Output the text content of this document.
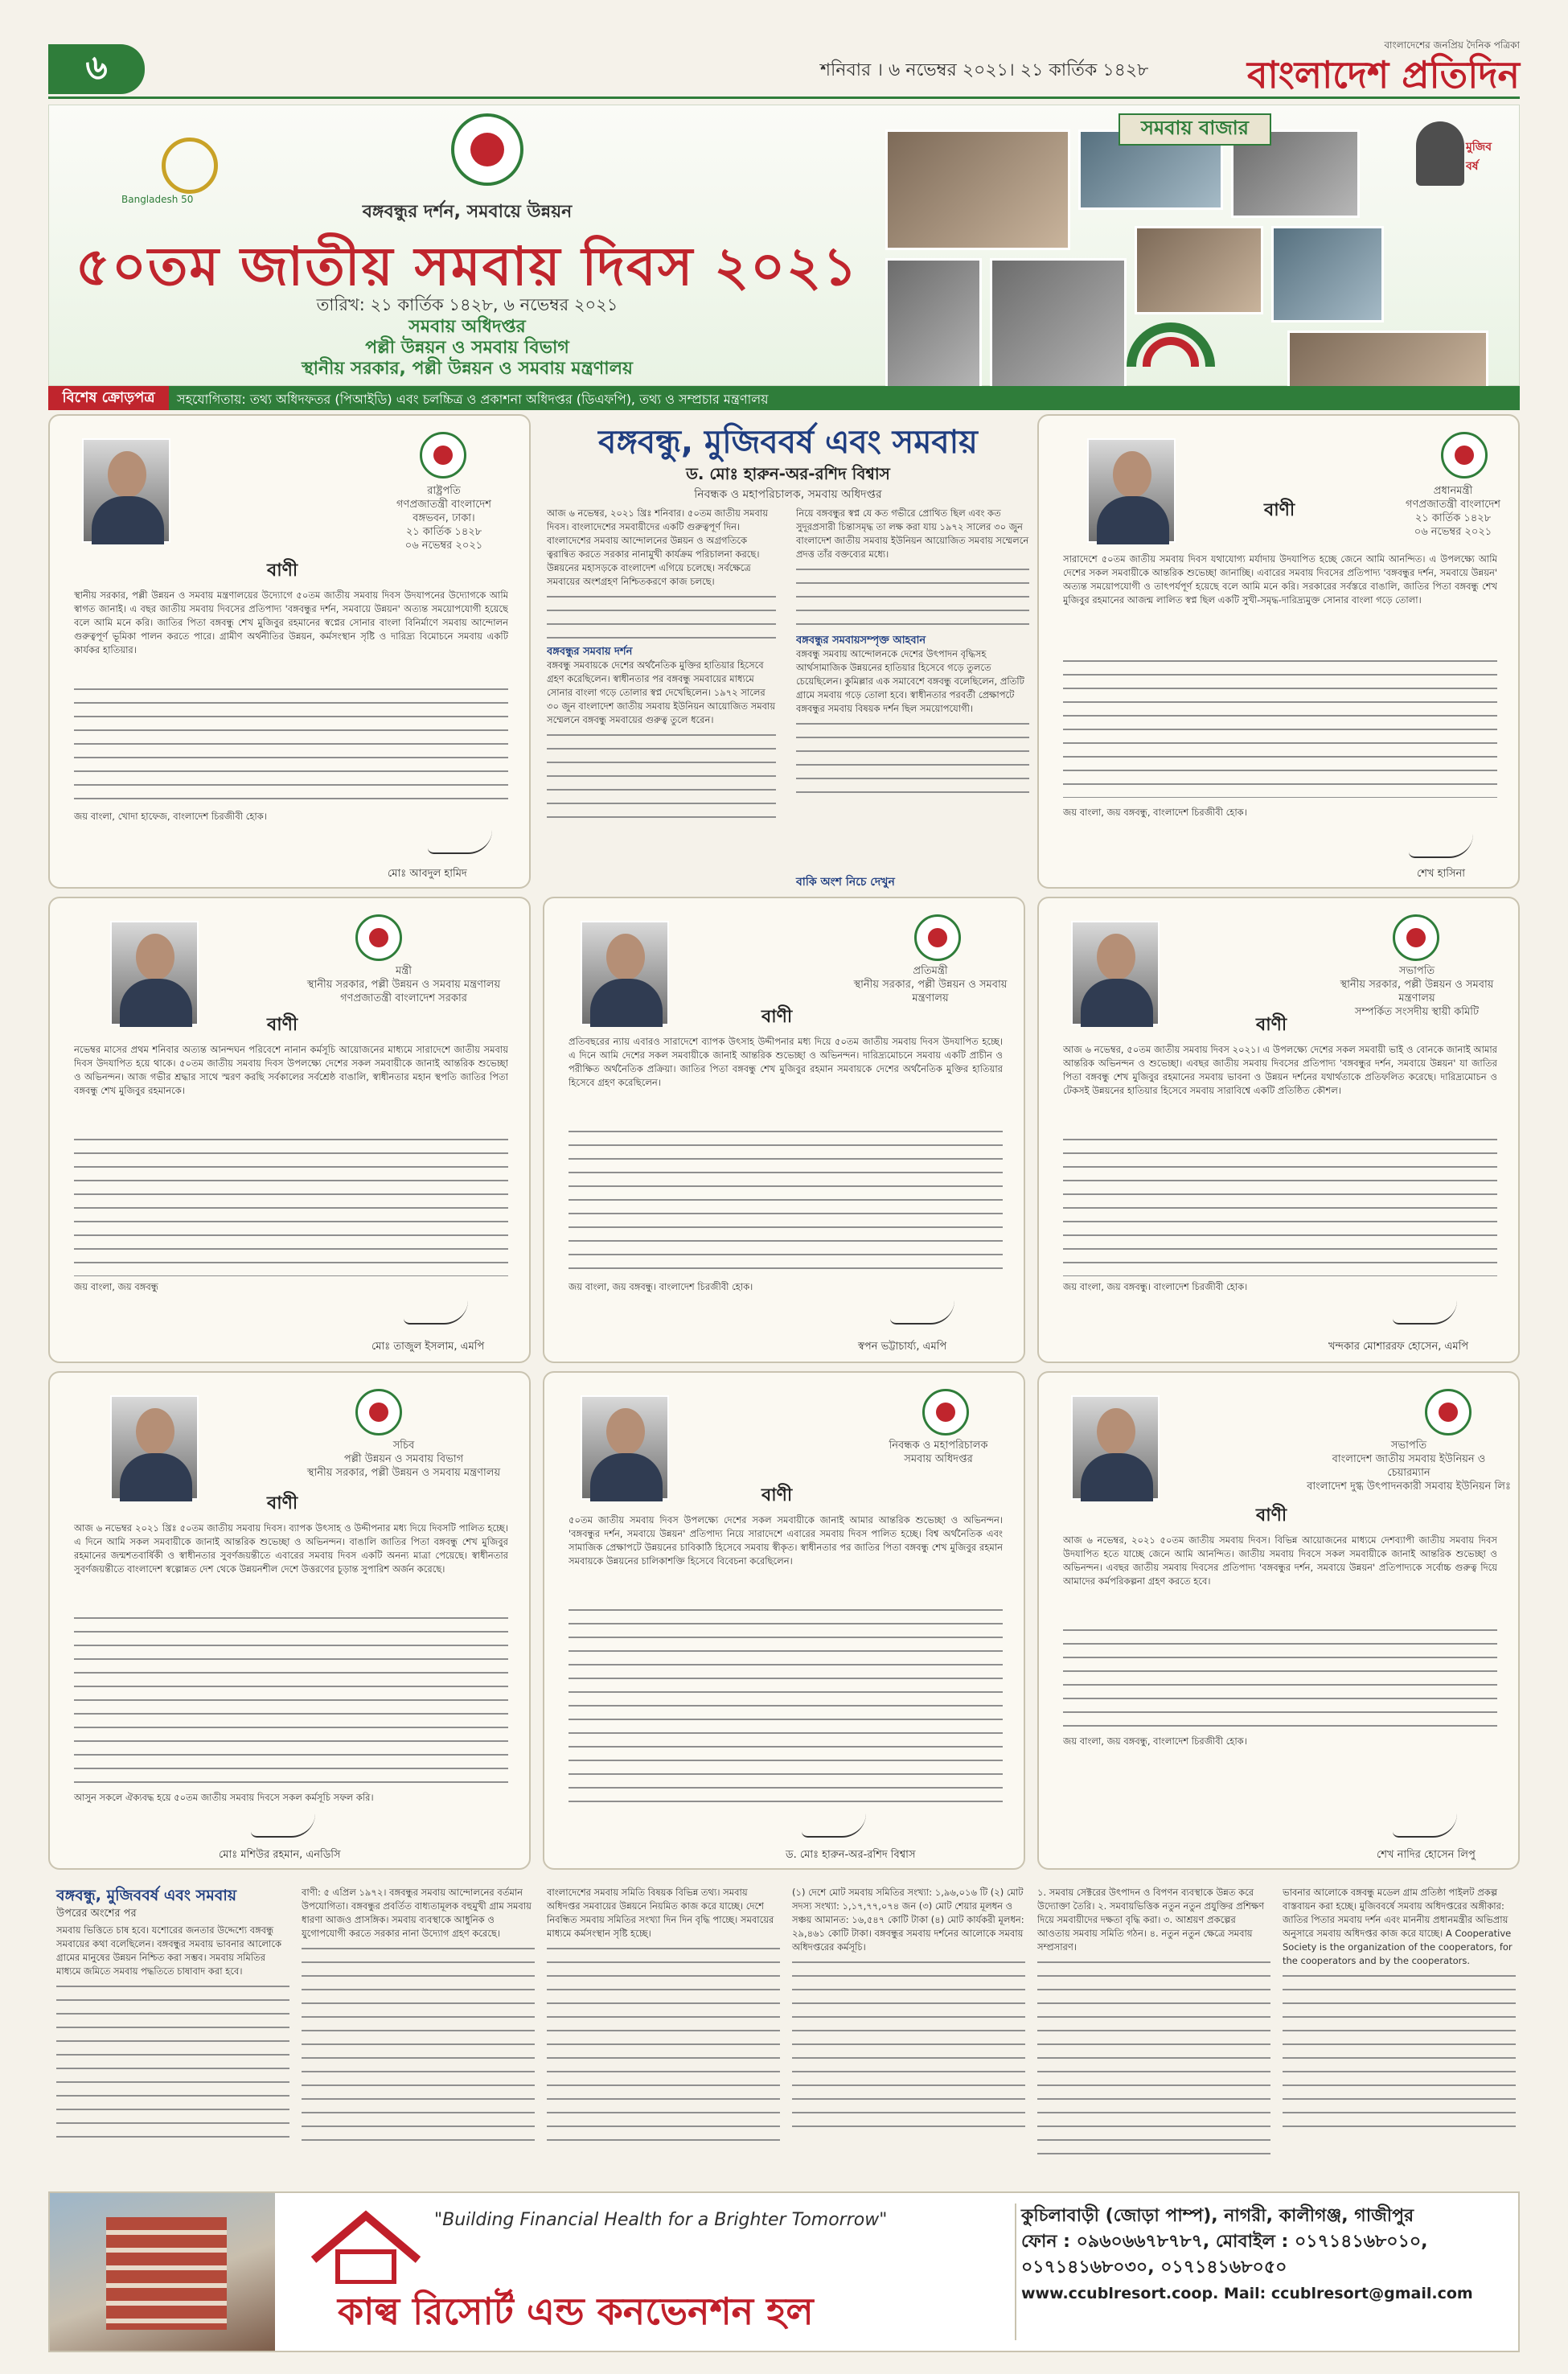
৬	শনিবার । ৬ নভেম্বর ২০২১। ২১ কার্তিক ১৪২৮
বাংলাদেশের জনপ্রিয় দৈনিক পত্রিকা
বাংলাদেশ প্রতিদিন
Bangladesh 50
বঙ্গবন্ধুর দর্শন, সমবায়ে উন্নয়ন
৫০তম জাতীয় সমবায় দিবস ২০২১
তারিখ: ২১ কার্তিক ১৪২৮, ৬ নভেম্বর ২০২১
সমবায় অধিদপ্তর
পল্লী উন্নয়ন ও সমবায় বিভাগ
স্থানীয় সরকার, পল্লী উন্নয়ন ও সমবায় মন্ত্রণালয়
সমবায় বাজার
মুজিব বর্ষ
বিশেষ ক্রোড়পত্র	সহযোগিতায়: তথ্য অধিদফতর (পিআইডি) এবং চলচ্চিত্র ও প্রকাশনা অধিদপ্তর (ডিএফপি), তথ্য ও সম্প্রচার মন্ত্রণালয়
রাষ্ট্রপতি
গণপ্রজাতন্ত্রী বাংলাদেশ
বঙ্গভবন, ঢাকা।
২১ কার্তিক ১৪২৮
০৬ নভেম্বর ২০২১
বাণী
স্থানীয় সরকার, পল্লী উন্নয়ন ও সমবায় মন্ত্রণালয়ের উদ্যোগে ৫০তম জাতীয় সমবায় দিবস উদযাপনের উদ্যোগকে আমি স্বাগত জানাই। এ বছর জাতীয় সমবায় দিবসের প্রতিপাদ্য 'বঙ্গবন্ধুর দর্শন, সমবায়ে উন্নয়ন' অত্যন্ত সময়োপযোগী হয়েছে বলে আমি মনে করি। জাতির পিতা বঙ্গবন্ধু শেখ মুজিবুর রহমানের স্বপ্নের সোনার বাংলা বিনির্মাণে সমবায় আন্দোলন গুরুত্বপূর্ণ ভূমিকা পালন করতে পারে। গ্রামীণ অর্থনীতির উন্নয়ন, কর্মসংস্থান সৃষ্টি ও দারিদ্র্য বিমোচনে সমবায় একটি কার্যকর হাতিয়ার।
জয় বাংলা, খোদা হাফেজ, বাংলাদেশ চিরজীবী হোক।
মোঃ আবদুল হামিদ
বঙ্গবন্ধু, মুজিববর্ষ এবং সমবায়
ড. মোঃ হারুন-অর-রশিদ বিশ্বাস
নিবন্ধক ও মহাপরিচালক, সমবায় অধিদপ্তর
আজ ৬ নভেম্বর, ২০২১ খ্রিঃ শনিবার। ৫০তম জাতীয় সমবায় দিবস। বাংলাদেশের সমবায়ীদের একটি গুরুত্বপূর্ণ দিন। বাংলাদেশের সমবায় আন্দোলনের উন্নয়ন ও অগ্রগতিকে ত্বরান্বিত করতে সরকার নানামুখী কার্যক্রম পরিচালনা করছে। উন্নয়নের মহাসড়কে বাংলাদেশ এগিয়ে চলেছে। সর্বক্ষেত্রে সমবায়ের অংশগ্রহণ নিশ্চিতকরণে কাজ চলছে।
বঙ্গবন্ধুর সমবায় দর্শন
বঙ্গবন্ধু সমবায়কে দেশের অর্থনৈতিক মুক্তির হাতিয়ার হিসেবে গ্রহণ করেছিলেন। স্বাধীনতার পর বঙ্গবন্ধু সমবায়ের মাধ্যমে সোনার বাংলা গড়ে তোলার স্বপ্ন দেখেছিলেন। ১৯৭২ সালের ৩০ জুন বাংলাদেশ জাতীয় সমবায় ইউনিয়ন আয়োজিত সমবায় সম্মেলনে বঙ্গবন্ধু সমবায়ের গুরুত্ব তুলে ধরেন।
নিয়ে বঙ্গবন্ধুর স্বপ্ন যে কত গভীরে প্রোথিত ছিল এবং কত সুদূরপ্রসারী চিন্তাসমৃদ্ধ তা লক্ষ করা যায় ১৯৭২ সালের ৩০ জুন বাংলাদেশ জাতীয় সমবায় ইউনিয়ন আয়োজিত সমবায় সম্মেলনে প্রদত্ত তাঁর বক্তব্যের মধ্যে।
বঙ্গবন্ধুর সমবায়সম্পৃক্ত আহবান
বঙ্গবন্ধু সমবায় আন্দোলনকে দেশের উৎপাদন বৃদ্ধিসহ আর্থসামাজিক উন্নয়নের হাতিয়ার হিসেবে গড়ে তুলতে চেয়েছিলেন। কুমিল্লার এক সমাবেশে বঙ্গবন্ধু বলেছিলেন, প্রতিটি গ্রামে সমবায় গড়ে তোলা হবে। স্বাধীনতার পরবর্তী প্রেক্ষাপটে বঙ্গবন্ধুর সমবায় বিষয়ক দর্শন ছিল সময়োপযোগী।
বাকি অংশ নিচে দেখুন
প্রধানমন্ত্রী
গণপ্রজাতন্ত্রী বাংলাদেশ
২১ কার্তিক ১৪২৮
০৬ নভেম্বর ২০২১
বাণী
সারাদেশে ৫০তম জাতীয় সমবায় দিবস যথাযোগ্য মর্যাদায় উদযাপিত হচ্ছে জেনে আমি আনন্দিত। এ উপলক্ষ্যে আমি দেশের সকল সমবায়ীকে আন্তরিক শুভেচ্ছা জানাচ্ছি। এবারের সমবায় দিবসের প্রতিপাদ্য 'বঙ্গবন্ধুর দর্শন, সমবায়ে উন্নয়ন' অত্যন্ত সময়োপযোগী ও তাৎপর্যপূর্ণ হয়েছে বলে আমি মনে করি। সরকারের সর্বস্তরে বাঙালি, জাতির পিতা বঙ্গবন্ধু শেখ মুজিবুর রহমানের আজন্ম লালিত স্বপ্ন ছিল একটি সুখী-সমৃদ্ধ-দারিদ্র্যমুক্ত সোনার বাংলা গড়ে তোলা।
জয় বাংলা, জয় বঙ্গবন্ধু, বাংলাদেশ চিরজীবী হোক।
শেখ হাসিনা
মন্ত্রী
স্থানীয় সরকার, পল্লী উন্নয়ন ও সমবায় মন্ত্রণালয়
গণপ্রজাতন্ত্রী বাংলাদেশ সরকার
বাণী
নভেম্বর মাসের প্রথম শনিবার অত্যন্ত আনন্দঘন পরিবেশে নানান কর্মসূচি আয়োজনের মাধ্যমে সারাদেশে জাতীয় সমবায় দিবস উদযাপিত হয়ে থাকে। ৫০তম জাতীয় সমবায় দিবস উপলক্ষ্যে দেশের সকল সমবায়ীকে জানাই আন্তরিক শুভেচ্ছা ও অভিনন্দন। আজ গভীর শ্রদ্ধার সাথে স্মরণ করছি সর্বকালের সর্বশ্রেষ্ঠ বাঙালি, স্বাধীনতার মহান স্থপতি জাতির পিতা বঙ্গবন্ধু শেখ মুজিবুর রহমানকে।
জয় বাংলা, জয় বঙ্গবন্ধু
মোঃ তাজুল ইসলাম, এমপি
প্রতিমন্ত্রী
স্থানীয় সরকার, পল্লী উন্নয়ন ও সমবায় মন্ত্রণালয়
বাণী
প্রতিবছরের ন্যায় এবারও সারাদেশে ব্যাপক উৎসাহ উদ্দীপনার মধ্য দিয়ে ৫০তম জাতীয় সমবায় দিবস উদযাপিত হচ্ছে। এ দিনে আমি দেশের সকল সমবায়ীকে জানাই আন্তরিক শুভেচ্ছা ও অভিনন্দন। দারিদ্র্যমোচনে সমবায় একটি প্রাচীন ও পরীক্ষিত অর্থনৈতিক প্রক্রিয়া। জাতির পিতা বঙ্গবন্ধু শেখ মুজিবুর রহমান সমবায়কে দেশের অর্থনৈতিক মুক্তির হাতিয়ার হিসেবে গ্রহণ করেছিলেন।
জয় বাংলা, জয় বঙ্গবন্ধু। বাংলাদেশ চিরজীবী হোক।
স্বপন ভট্টাচার্য্য, এমপি
সভাপতি
স্থানীয় সরকার, পল্লী উন্নয়ন ও সমবায় মন্ত্রণালয়
সম্পর্কিত সংসদীয় স্থায়ী কমিটি
বাণী
আজ ৬ নভেম্বর, ৫০তম জাতীয় সমবায় দিবস ২০২১। এ উপলক্ষ্যে দেশের সকল সমবায়ী ভাই ও বোনকে জানাই আমার আন্তরিক অভিনন্দন ও শুভেচ্ছা। এবছর জাতীয় সমবায় দিবসের প্রতিপাদ্য 'বঙ্গবন্ধুর দর্শন, সমবায়ে উন্নয়ন' যা জাতির পিতা বঙ্গবন্ধু শেখ মুজিবুর রহমানের সমবায় ভাবনা ও উন্নয়ন দর্শনের যথার্থতাকে প্রতিফলিত করেছে। দারিদ্র্যমোচন ও টেকসই উন্নয়নের হাতিয়ার হিসেবে সমবায় সারাবিশ্বে একটি প্রতিষ্ঠিত কৌশল।
জয় বাংলা, জয় বঙ্গবন্ধু। বাংলাদেশ চিরজীবী হোক।
খন্দকার মোশাররফ হোসেন, এমপি
সচিব
পল্লী উন্নয়ন ও সমবায় বিভাগ
স্থানীয় সরকার, পল্লী উন্নয়ন ও সমবায় মন্ত্রণালয়
বাণী
আজ ৬ নভেম্বর ২০২১ খ্রিঃ ৫০তম জাতীয় সমবায় দিবস। ব্যাপক উৎসাহ ও উদ্দীপনার মধ্য দিয়ে দিবসটি পালিত হচ্ছে। এ দিনে আমি সকল সমবায়ীকে জানাই আন্তরিক শুভেচ্ছা ও অভিনন্দন। বাঙালি জাতির পিতা বঙ্গবন্ধু শেখ মুজিবুর রহমানের জন্মশতবার্ষিকী ও স্বাধীনতার সুবর্ণজয়ন্তীতে এবারের সমবায় দিবস একটি অনন্য মাত্রা পেয়েছে। স্বাধীনতার সুবর্ণজয়ন্তীতে বাংলাদেশ স্বল্পোন্নত দেশ থেকে উন্নয়নশীল দেশে উত্তরণের চূড়ান্ত সুপারিশ অর্জন করেছে।
আসুন সকলে ঐক্যবদ্ধ হয়ে ৫০তম জাতীয় সমবায় দিবসে সকল কর্মসূচি সফল করি।
মোঃ মশিউর রহমান, এনডিসি
নিবন্ধক ও মহাপরিচালক
সমবায় অধিদপ্তর
বাণী
৫০তম জাতীয় সমবায় দিবস উপলক্ষ্যে দেশের সকল সমবায়ীকে জানাই আমার আন্তরিক শুভেচ্ছা ও অভিনন্দন। 'বঙ্গবন্ধুর দর্শন, সমবায়ে উন্নয়ন' প্রতিপাদ্য নিয়ে সারাদেশে এবারের সমবায় দিবস পালিত হচ্ছে। বিশ্ব অর্থনৈতিক এবং সামাজিক প্রেক্ষাপটে উন্নয়নের চাবিকাঠি হিসেবে সমবায় স্বীকৃত। স্বাধীনতার পর জাতির পিতা বঙ্গবন্ধু শেখ মুজিবুর রহমান সমবায়কে উন্নয়নের চালিকাশক্তি হিসেবে বিবেচনা করেছিলেন।
ড. মোঃ হারুন-অর-রশিদ বিশ্বাস
সভাপতি
বাংলাদেশ জাতীয় সমবায় ইউনিয়ন ও
চেয়ারম্যান
বাংলাদেশ দুগ্ধ উৎপাদনকারী সমবায় ইউনিয়ন লিঃ
বাণী
আজ ৬ নভেম্বর, ২০২১ ৫০তম জাতীয় সমবায় দিবস। বিভিন্ন আয়োজনের মাধ্যমে দেশব্যাপী জাতীয় সমবায় দিবস উদযাপিত হতে যাচ্ছে জেনে আমি আনন্দিত। জাতীয় সমবায় দিবসে সকল সমবায়ীকে জানাই আন্তরিক শুভেচ্ছা ও অভিনন্দন। এবছর জাতীয় সমবায় দিবসের প্রতিপাদ্য 'বঙ্গবন্ধুর দর্শন, সমবায়ে উন্নয়ন' প্রতিপাদ্যকে সর্বোচ্চ গুরুত্ব দিয়ে আমাদের কর্মপরিকল্পনা গ্রহণ করতে হবে।
জয় বাংলা, জয় বঙ্গবন্ধু, বাংলাদেশ চিরজীবী হোক।
শেখ নাদির হোসেন লিপু
বঙ্গবন্ধু, মুজিববর্ষ এবং সমবায়
উপরের অংশের পর
সমবায় ভিত্তিতে চাষ হবে। যশোরের জনতার উদ্দেশ্যে বঙ্গবন্ধু সমবায়ের কথা বলেছিলেন। বঙ্গবন্ধুর সমবায় ভাবনার আলোকে গ্রামের মানুষের উন্নয়ন নিশ্চিত করা সম্ভব। সমবায় সমিতির মাধ্যমে জমিতে সমবায় পদ্ধতিতে চাষাবাদ করা হবে।
বাণী: ৫ এপ্রিল ১৯৭২। বঙ্গবন্ধুর সমবায় আন্দোলনের বর্তমান উপযোগিতা। বঙ্গবন্ধুর প্রবর্তিত বাধ্যতামূলক বহুমুখী গ্রাম সমবায় ধারণা আজও প্রাসঙ্গিক। সমবায় ব্যবস্থাকে আধুনিক ও যুগোপযোগী করতে সরকার নানা উদ্যোগ গ্রহণ করেছে।
বাংলাদেশের সমবায় সমিতি বিষয়ক বিভিন্ন তথ্য। সমবায় অধিদপ্তর সমবায়ের উন্নয়নে নিয়মিত কাজ করে যাচ্ছে। দেশে নিবন্ধিত সমবায় সমিতির সংখ্যা দিন দিন বৃদ্ধি পাচ্ছে। সমবায়ের মাধ্যমে কর্মসংস্থান সৃষ্টি হচ্ছে।
(১) দেশে মোট সমবায় সমিতির সংখ্যা: ১,৯৬,০১৬ টি (২) মোট সদস্য সংখ্যা: ১,১৭,৭৭,০৭৪ জন (৩) মোট শেয়ার মূলধন ও সঞ্চয় আমানত: ১৬,৫৪৭ কোটি টাকা (৪) মোট কার্যকরী মূলধন: ২৯,৪৬১ কোটি টাকা। বঙ্গবন্ধুর সমবায় দর্শনের আলোকে সমবায় অধিদপ্তরের কর্মসূচি।
১. সমবায় সেক্টরের উৎপাদন ও বিপণন ব্যবস্থাকে উন্নত করে উদ্যোক্তা তৈরি। ২. সমবায়ভিত্তিক নতুন নতুন প্রযুক্তির প্রশিক্ষণ দিয়ে সমবায়ীদের দক্ষতা বৃদ্ধি করা। ৩. আশ্রয়ণ প্রকল্পের আওতায় সমবায় সমিতি গঠন। ৪. নতুন নতুন ক্ষেত্রে সমবায় সম্প্রসারণ।
ভাবনার আলোকে বঙ্গবন্ধু মডেল গ্রাম প্রতিষ্ঠা পাইলট প্রকল্প বাস্তবায়ন করা হচ্ছে। মুজিববর্ষে সমবায় অধিদপ্তরের অঙ্গীকার: জাতির পিতার সমবায় দর্শন এবং মাননীয় প্রধানমন্ত্রীর অভিপ্রায় অনুসারে সমবায় অধিদপ্তর কাজ করে যাচ্ছে। A Cooperative Society is the organization of the cooperators, for the cooperators and by the cooperators.
"Building Financial Health for a Brighter Tomorrow"
কাল্ব রিসোর্ট এন্ড কনভেনশন হল
কুচিলাবাড়ী (জোড়া পাম্প), নাগরী, কালীগঞ্জ, গাজীপুর
ফোন : ০৯৬০৬৬৭৮৭৮৭, মোবাইল : ০১৭১৪১৬৮০১০,
০১৭১৪১৬৮০৩০, ০১৭১৪১৬৮০৫০
www.ccublresort.coop. Mail: ccublresort@gmail.com
